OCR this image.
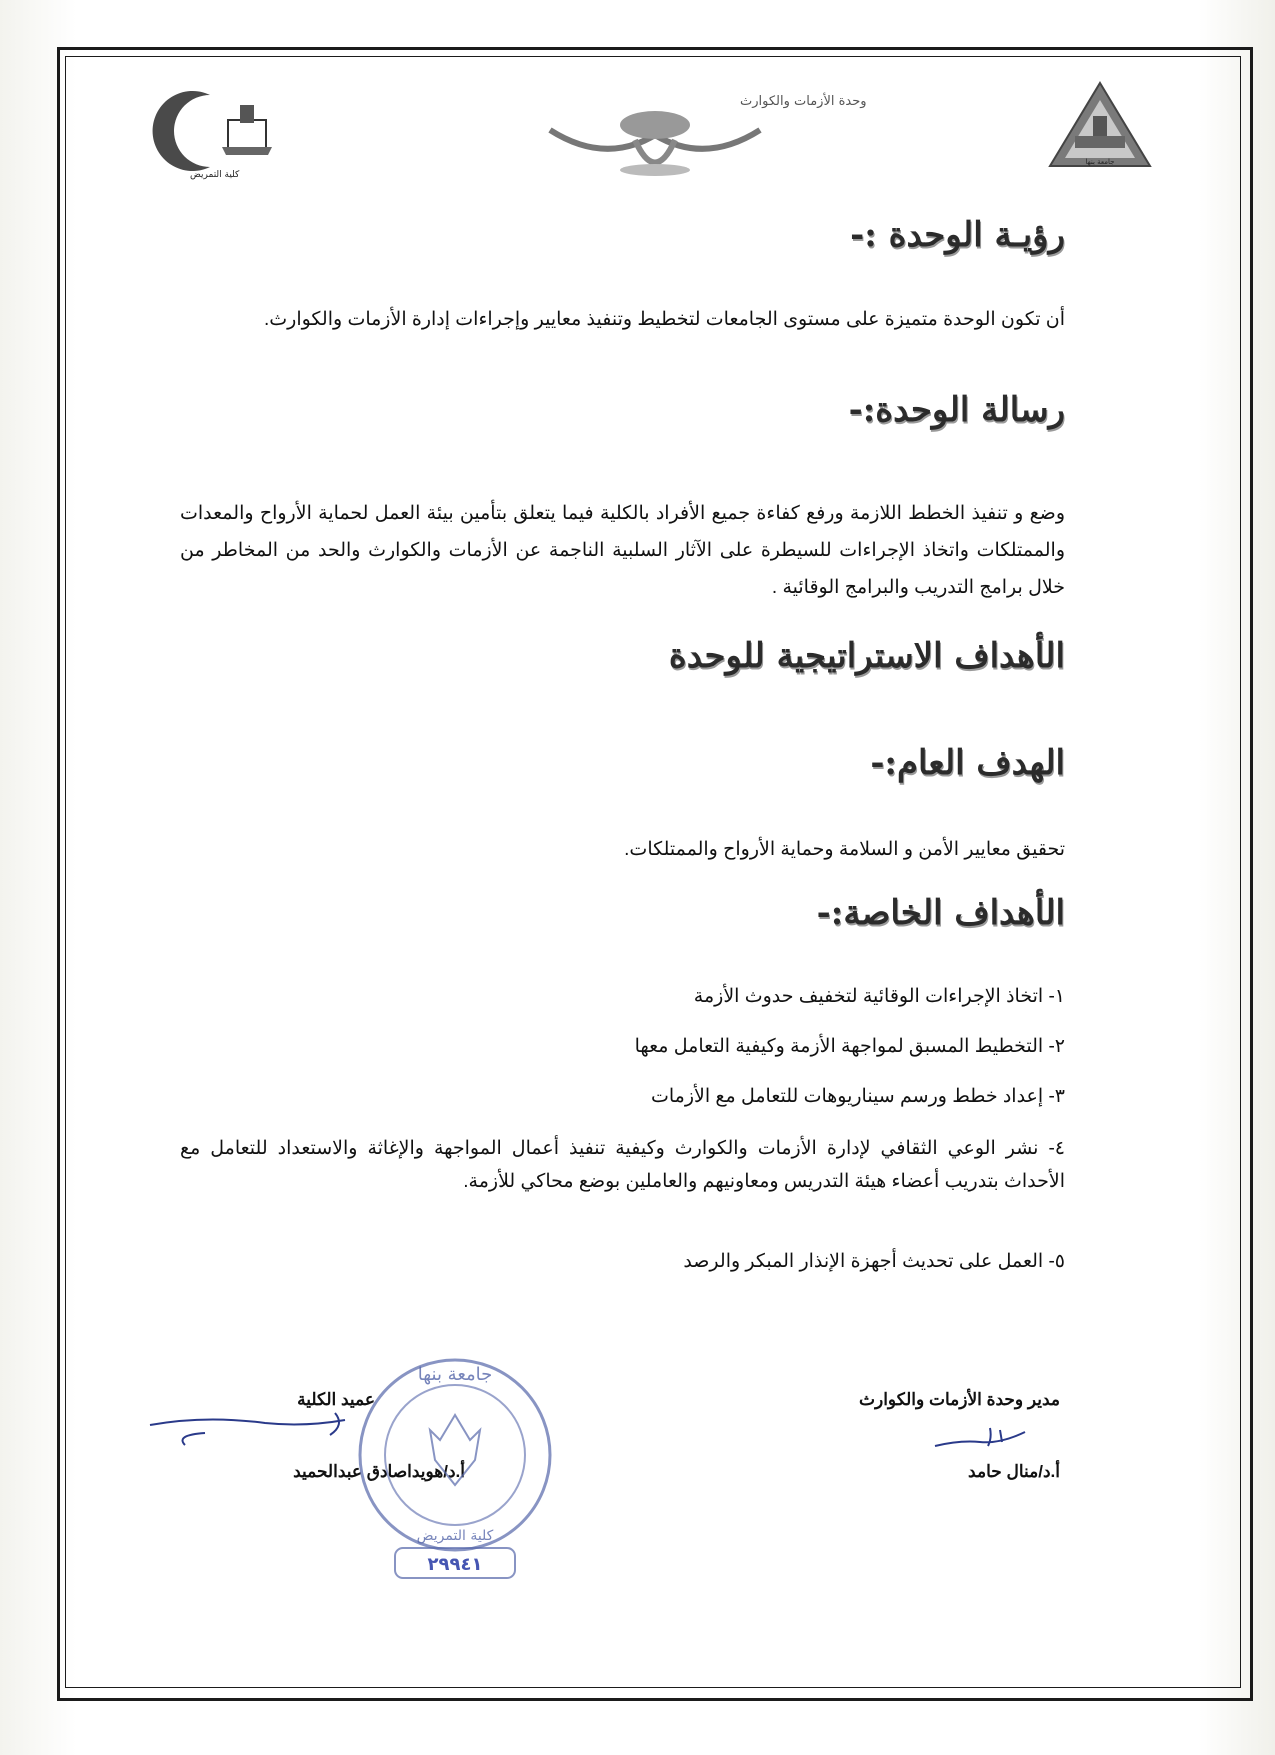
كلية التمريض
وحدة الأزمات والكوارث
جامعة بنها
رؤيـة الوحدة :-
أن تكون الوحدة متميزة على مستوى الجامعات لتخطيط وتنفيذ معايير وإجراءات إدارة الأزمات والكوارث.
رسالة الوحدة:-
وضع و تنفيذ الخطط اللازمة ورفع كفاءة جميع الأفراد بالكلية فيما يتعلق بتأمين بيئة العمل لحماية الأرواح والمعدات والممتلكات واتخاذ الإجراءات للسيطرة على الآثار السلبية الناجمة عن الأزمات والكوارث والحد من المخاطر من خلال برامج التدريب والبرامج الوقائية .
الأهداف الاستراتيجية للوحدة
الهدف العام:-
تحقيق معايير الأمن و السلامة وحماية الأرواح والممتلكات.
الأهداف الخاصة:-
١- اتخاذ الإجراءات الوقائية لتخفيف حدوث الأزمة
٢- التخطيط المسبق لمواجهة الأزمة وكيفية التعامل معها
٣- إعداد خطط ورسم سيناريوهات للتعامل مع الأزمات
٤- نشر الوعي الثقافي لإدارة الأزمات والكوارث وكيفية تنفيذ أعمال المواجهة والإغاثة والاستعداد للتعامل مع الأحداث بتدريب أعضاء هيئة التدريس ومعاونيهم والعاملين بوضع محاكي للأزمة.
٥- العمل على تحديث أجهزة الإنذار المبكر والرصد
مدير وحدة الأزمات والكوارث
أ.د/منال حامد
عميد الكلية
أ.د/هويداصادق عبدالحميد
جامعة بنها
كلية التمريض
٢٩٩٤١
